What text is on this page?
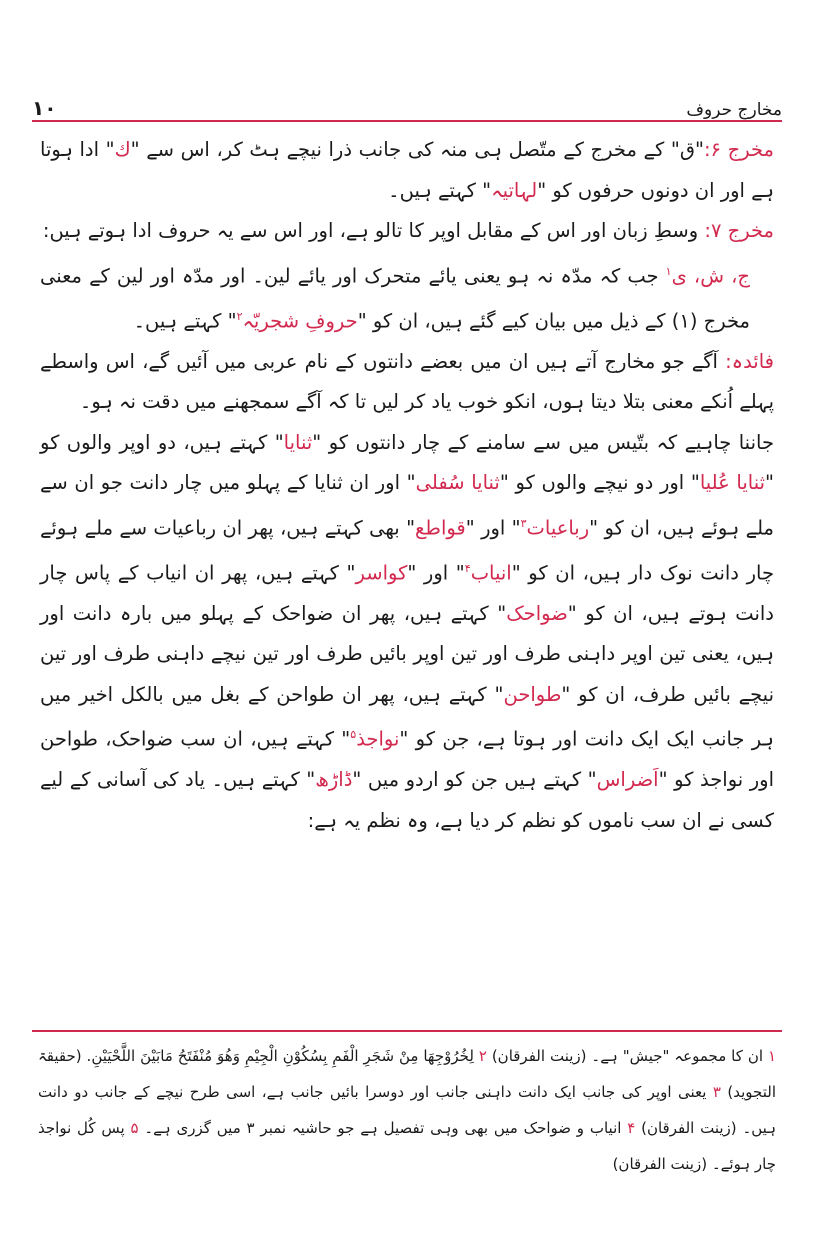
مخارج حروف
۱۰

مخرج ۶:"ق" کے مخرج کے متّصل ہی منہ کی جانب ذرا نیچے ہٹ کر، اس سے "ك" ادا ہوتا ہے اور ان دونوں حرفوں کو "لہاتیہ" کہتے ہیں۔

مخرج ۷: وسطِ زبان اور اس کے مقابل اوپر کا تالو ہے، اور اس سے یہ حروف ادا ہوتے ہیں:

ج، ش، ی$^۱$ جب کہ مدّہ نہ ہو یعنی یائے متحرک اور یائے لین۔ اور مدّہ اور لین کے معنی مخرج (۱) کے ذیل میں بیان کیے گئے ہیں، ان کو "حروفِ شجریّہ$^۲$" کہتے ہیں۔

فائدہ: آگے جو مخارج آتے ہیں ان میں بعضے دانتوں کے نام عربی میں آئیں گے، اس واسطے پہلے اُنکے معنی بتلا دیتا ہوں، انکو خوب یاد کر لیں تا کہ آگے سمجھنے میں دقت نہ ہو۔

جاننا چاہیے کہ بتّیس میں سے سامنے کے چار دانتوں کو "ثنایا" کہتے ہیں، دو اوپر والوں کو "ثنایا عُلیا" اور دو نیچے والوں کو "ثنایا سُفلی" اور ان ثنایا کے پہلو میں چار دانت جو ان سے ملے ہوئے ہیں، ان کو "رباعیات$^۳$" اور "قواطع" بھی کہتے ہیں، پھر ان رباعیات سے ملے ہوئے چار دانت نوک دار ہیں، ان کو "انیاب$^۴$" اور "کواسر" کہتے ہیں، پھر ان انیاب کے پاس چار دانت ہوتے ہیں، ان کو "ضواحک" کہتے ہیں، پھر ان ضواحک کے پہلو میں بارہ دانت اور ہیں، یعنی تین اوپر داہنی طرف اور تین اوپر بائیں طرف اور تین نیچے داہنی طرف اور تین نیچے بائیں طرف، ان کو "طواحن" کہتے ہیں، پھر ان طواحن کے بغل میں بالکل اخیر میں ہر جانب ایک ایک دانت اور ہوتا ہے، جن کو "نواجذ$^۵$" کہتے ہیں، ان سب ضواحک، طواحن اور نواجذ کو "اَضراس" کہتے ہیں جن کو اردو میں "ڈاڑھ" کہتے ہیں۔ یاد کی آسانی کے لیے کسی نے ان سب ناموں کو نظم کر دیا ہے، وہ نظم یہ ہے:

۱ ان کا مجموعہ "جیش" ہے۔ (زینت الفرقان) ۲ لِخُرُوْجِهَا مِنْ شَجَرِ الْفَمِ بِسُكُوْنِ الْجِيْمِ وَهُوَ مُنْفَتَحُ مَابَيْنَ اللَّحْيَيْنِ. (حقیقۃ التجوید) ۳ یعنی اوپر کی جانب ایک دانت داہنی جانب اور دوسرا بائیں جانب ہے، اسی طرح نیچے کے جانب دو دانت ہیں۔ (زینت الفرقان) ۴ انیاب و ضواحک میں بھی وہی تفصیل ہے جو حاشیہ نمبر ۳ میں گزری ہے۔ ۵ پس کُل نواجذ چار ہوئے۔ (زینت الفرقان)
